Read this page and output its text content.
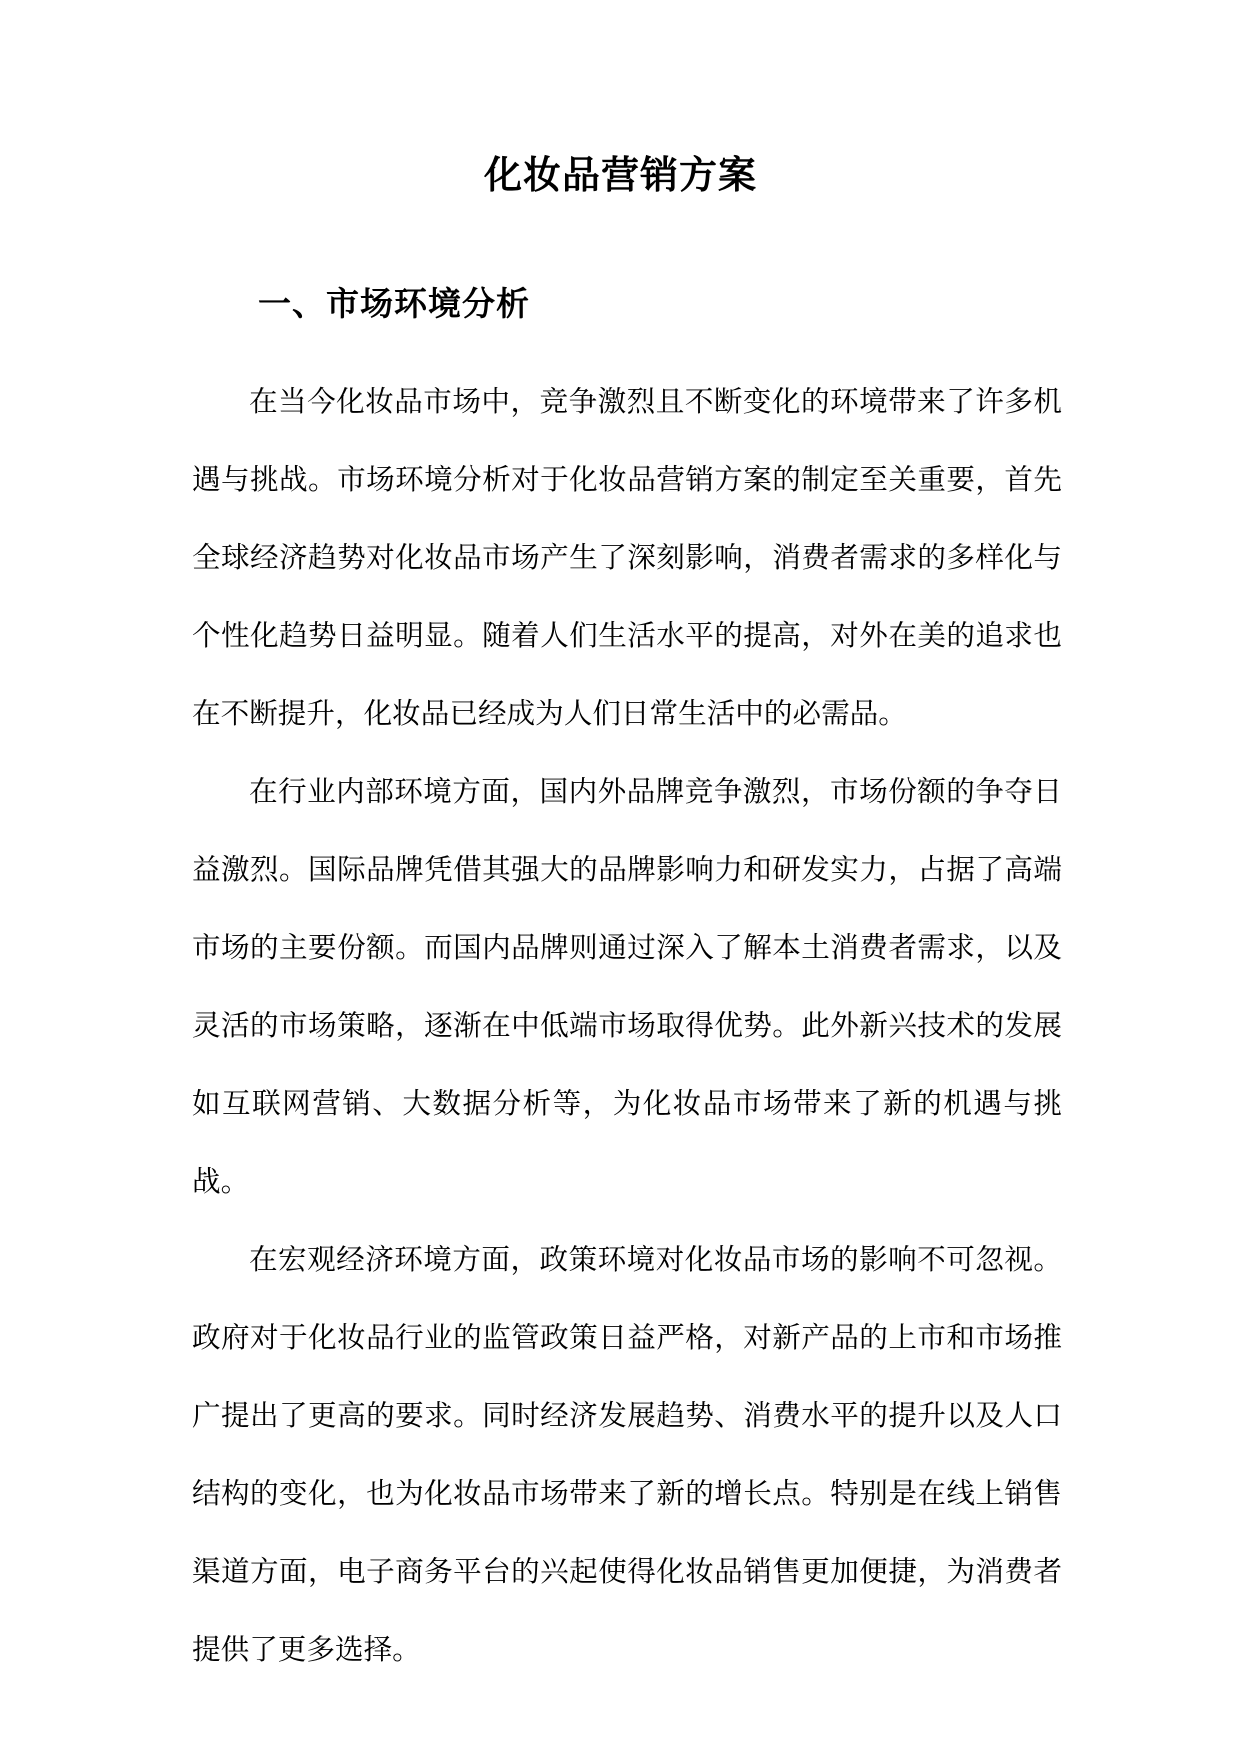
化妆品营销方案
一、市场环境分析

在当今化妆品市场中，竞争激烈且不断变化的环境带来了许多机遇与挑战。市场环境分析对于化妆品营销方案的制定至关重要，首先全球经济趋势对化妆品市场产生了深刻影响，消费者需求的多样化与个性化趋势日益明显。随着人们生活水平的提高，对外在美的追求也在不断提升，化妆品已经成为人们日常生活中的必需品。

在行业内部环境方面，国内外品牌竞争激烈，市场份额的争夺日益激烈。国际品牌凭借其强大的品牌影响力和研发实力，占据了高端市场的主要份额。而国内品牌则通过深入了解本土消费者需求，以及灵活的市场策略，逐渐在中低端市场取得优势。此外新兴技术的发展如互联网营销、大数据分析等，为化妆品市场带来了新的机遇与挑战。

在宏观经济环境方面，政策环境对化妆品市场的影响不可忽视。政府对于化妆品行业的监管政策日益严格，对新产品的上市和市场推广提出了更高的要求。同时经济发展趋势、消费水平的提升以及人口结构的变化，也为化妆品市场带来了新的增长点。特别是在线上销售渠道方面，电子商务平台的兴起使得化妆品销售更加便捷，为消费者提供了更多选择。
